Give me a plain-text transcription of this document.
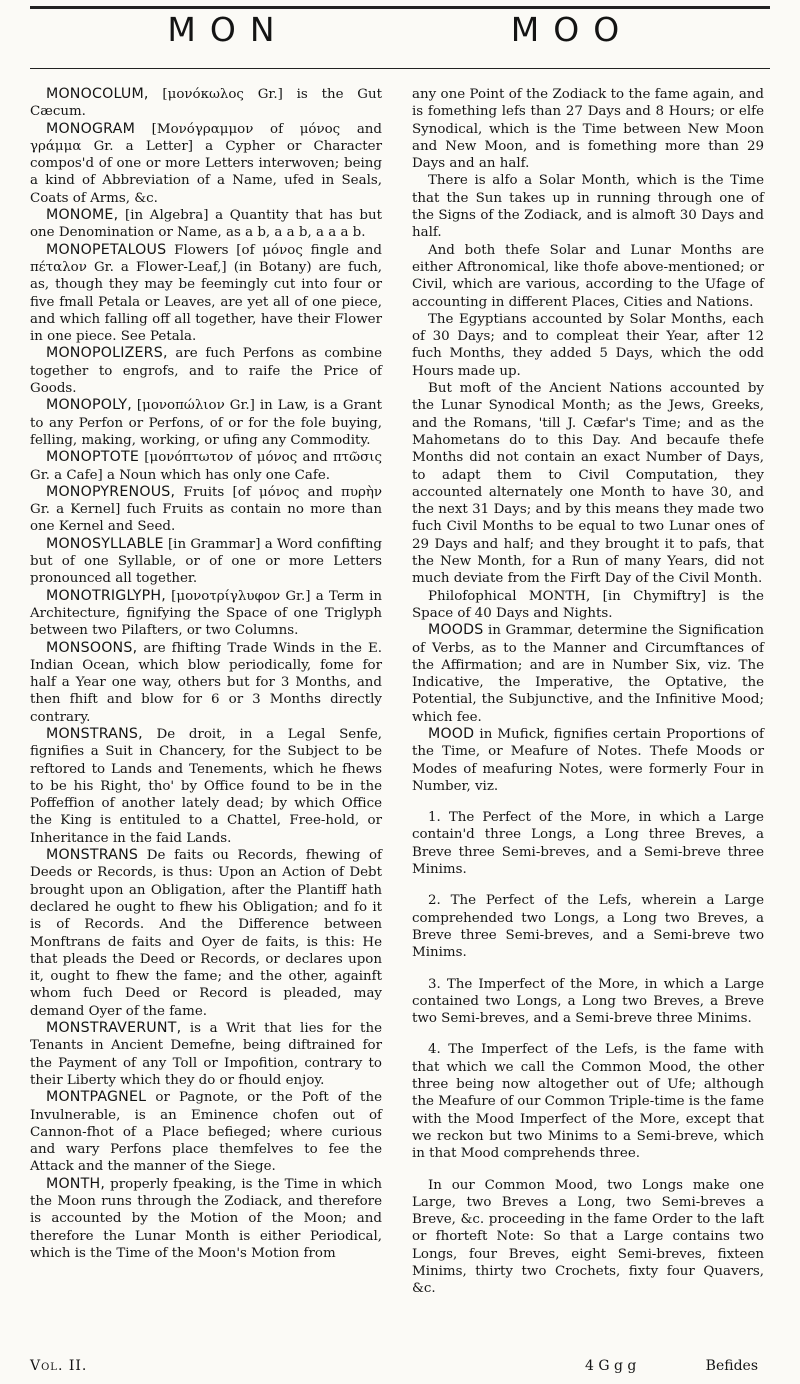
MON	MOO

MONOCOLUM, [μονόκωλος Gr.] is the Gut Cæcum.

MONOGRAM [Μονόγραμμον of μόνος and γράμμα Gr. a Letter] a Cypher or Character compos'd of one or more Letters interwoven; being a kind of Abbreviation of a Name, ufed in Seals, Coats of Arms, &c.

MONOME, [in Algebra] a Quantity that has but one Denomination or Name, as a b, a a b, a a a b.

MONOPETALOUS Flowers [of μόνος fingle and πέταλον Gr. a Flower-Leaf,] (in Botany) are fuch, as, though they may be feemingly cut into four or five fmall Petala or Leaves, are yet all of one piece, and which falling off all together, have their Flower in one piece. See Petala.

MONOPOLIZERS, are fuch Perfons as combine together to engrofs, and to raife the Price of Goods.

MONOPOLY, [μονοπώλιον Gr.] in Law, is a Grant to any Perfon or Perfons, of or for the fole buying, felling, making, working, or ufing any Commodity.

MONOPTOTE [μονόπτωτον of μόνος and πτῶσις Gr. a Cafe] a Noun which has only one Cafe.

MONOPYRENOUS, Fruits [of μόνος and πυρὴν Gr. a Kernel] fuch Fruits as contain no more than one Kernel and Seed.

MONOSYLLABLE [in Grammar] a Word confifting but of one Syllable, or of one or more Letters pronounced all together.

MONOTRIGLYPH, [μονοτρίγλυφον Gr.] a Term in Architecture, fignifying the Space of one Triglyph between two Pilafters, or two Columns.

MONSOONS, are fhifting Trade Winds in the E. Indian Ocean, which blow periodically, fome for half a Year one way, others but for 3 Months, and then fhift and blow for 6 or 3 Months directly contrary.

MONSTRANS, De droit, in a Legal Senfe, fignifies a Suit in Chancery, for the Subject to be reftored to Lands and Tenements, which he fhews to be his Right, tho' by Office found to be in the Poffeffion of another lately dead; by which Office the King is entituled to a Chattel, Free-hold, or Inheritance in the faid Lands.

MONSTRANS De faits ou Records, fhewing of Deeds or Records, is thus: Upon an Action of Debt brought upon an Obligation, after the Plantiff hath declared he ought to fhew his Obligation; and fo it is of Records. And the Difference between Monftrans de faits and Oyer de faits, is this: He that pleads the Deed or Records, or declares upon it, ought to fhew the fame; and the other, againft whom fuch Deed or Record is pleaded, may demand Oyer of the fame.

MONSTRAVERUNT, is a Writ that lies for the Tenants in Ancient Demefne, being diftrained for the Payment of any Toll or Impofition, contrary to their Liberty which they do or fhould enjoy.

MONTPAGNEL or Pagnote, or the Poft of the Invulnerable, is an Eminence chofen out of Cannon-fhot of a Place befieged; where curious and wary Perfons place themfelves to fee the Attack and the manner of the Siege.

MONTH, properly fpeaking, is the Time in which the Moon runs through the Zodiack, and therefore is accounted by the Motion of the Moon; and therefore the Lunar Month is either Periodical, which is the Time of the Moon's Motion from

any one Point of the Zodiack to the fame again, and is fomething lefs than 27 Days and 8 Hours; or elfe Synodical, which is the Time between New Moon and New Moon, and is fomething more than 29 Days and an half.

There is alfo a Solar Month, which is the Time that the Sun takes up in running through one of the Signs of the Zodiack, and is almoft 30 Days and half.

And both thefe Solar and Lunar Months are either Aftronomical, like thofe above-mentioned; or Civil, which are various, according to the Ufage of accounting in different Places, Cities and Nations.

The Egyptians accounted by Solar Months, each of 30 Days; and to compleat their Year, after 12 fuch Months, they added 5 Days, which the odd Hours made up.

But moft of the Ancient Nations accounted by the Lunar Synodical Month; as the Jews, Greeks, and the Romans, 'till J. Cæfar's Time; and as the Mahometans do to this Day. And becaufe thefe Months did not contain an exact Number of Days, to adapt them to Civil Computation, they accounted alternately one Month to have 30, and the next 31 Days; and by this means they made two fuch Civil Months to be equal to two Lunar ones of 29 Days and half; and they brought it to pafs, that the New Month, for a Run of many Years, did not much deviate from the Firft Day of the Civil Month.

Philofophical MONTH, [in Chymiftry] is the Space of 40 Days and Nights.

MOODS in Grammar, determine the Signification of Verbs, as to the Manner and Circumftances of the Affirmation; and are in Number Six, viz. The Indicative, the Imperative, the Optative, the Potential, the Subjunctive, and the Infinitive Mood; which fee.

MOOD in Mufick, fignifies certain Proportions of the Time, or Meafure of Notes. Thefe Moods or Modes of meafuring Notes, were formerly Four in Number, viz.

1. The Perfect of the More, in which a Large contain'd three Longs, a Long three Breves, a Breve three Semi-breves, and a Semi-breve three Minims.

2. The Perfect of the Lefs, wherein a Large comprehended two Longs, a Long two Breves, a Breve three Semi-breves, and a Semi-breve two Minims.

3. The Imperfect of the More, in which a Large contained two Longs, a Long two Breves, a Breve two Semi-breves, and a Semi-breve three Minims.

4. The Imperfect of the Lefs, is the fame with that which we call the Common Mood, the other three being now altogether out of Ufe; although the Meafure of our Common Triple-time is the fame with the Mood Imperfect of the More, except that we reckon but two Minims to a Semi-breve, which in that Mood comprehends three.

In our Common Mood, two Longs make one Large, two Breves a Long, two Semi-breves a Breve, &c. proceeding in the fame Order to the laft or fhorteft Note: So that a Large contains two Longs, four Breves, eight Semi-breves, fixteen Minims, thirty two Crochets, fixty four Quavers, &c.

Vol. II.	4 G g g	Befides
